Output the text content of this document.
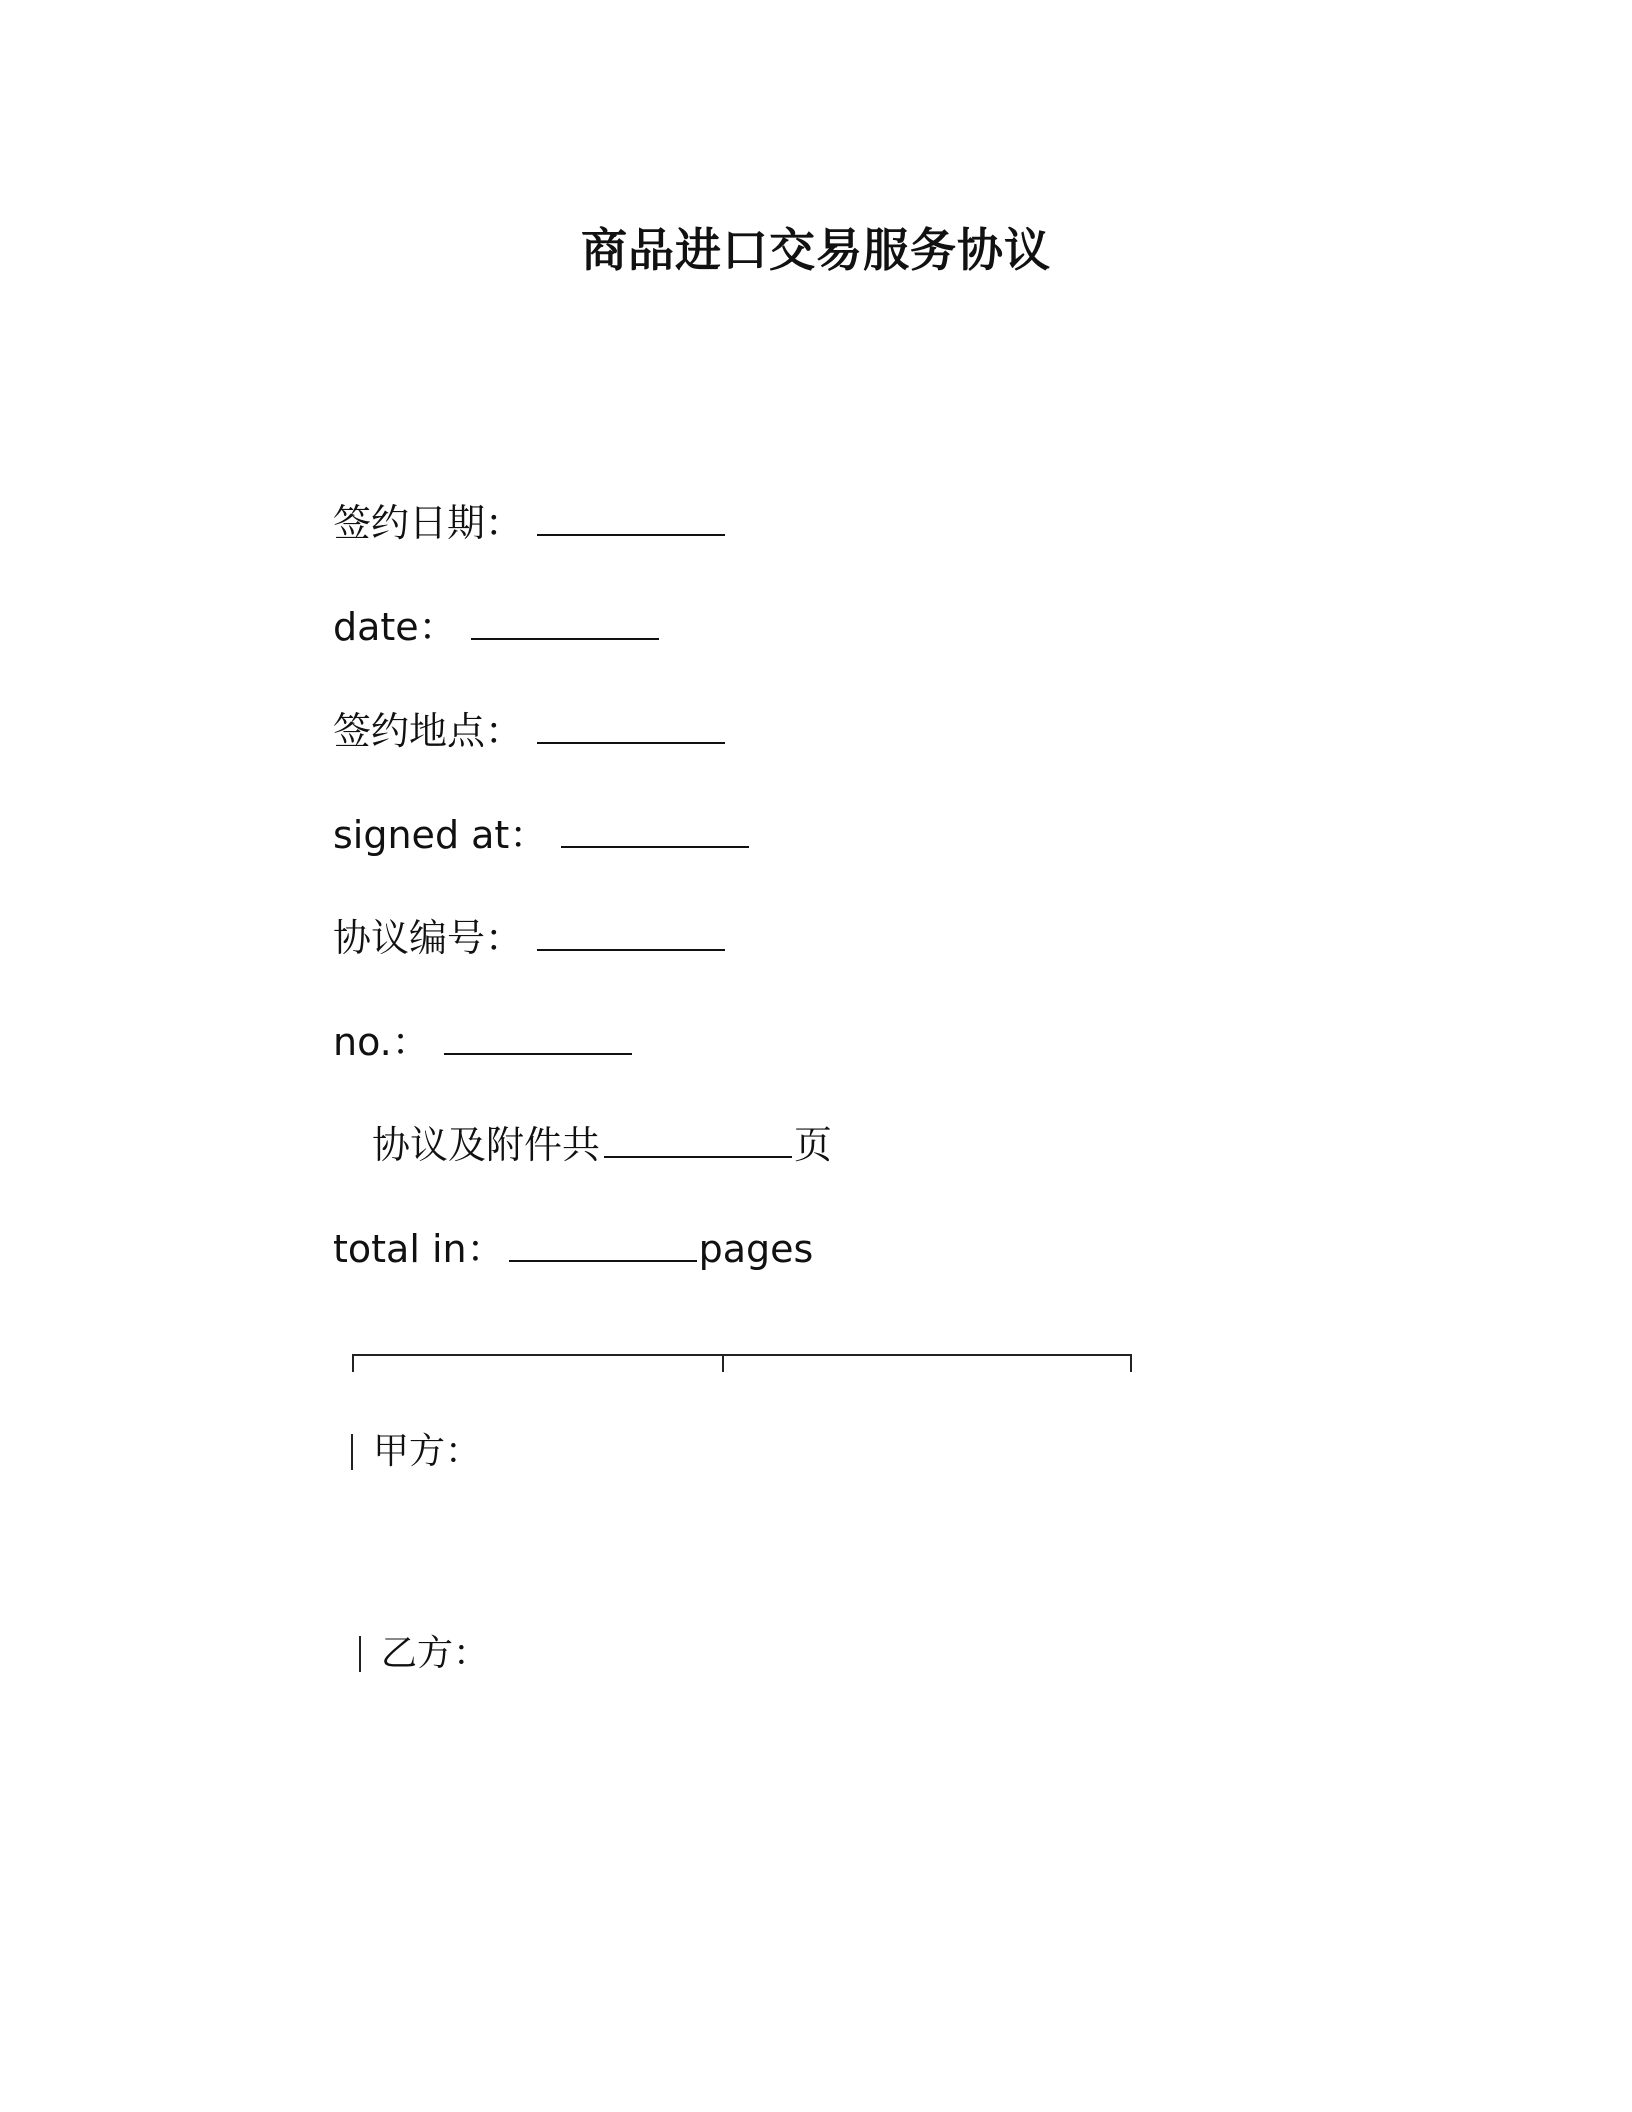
商品进口交易服务协议

签约日期：

date：

签约地点：

signed at：

协议编号：

no.：

协议及附件共	页

total in：	pages

甲方：

乙方：
